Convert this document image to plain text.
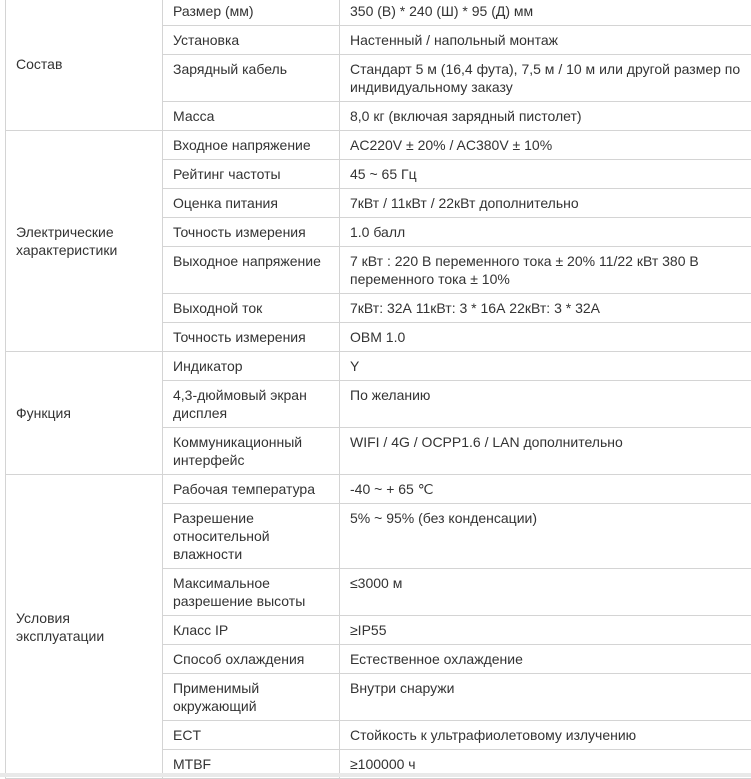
Состав	Размер (мм)	350 (В) * 240 (Ш) * 95 (Д) мм
	Установка	Настенный / напольный монтаж
	Зарядный кабель	Стандарт 5 м (16,4 фута), 7,5 м / 10 м или другой размер по индивидуальному заказу
	Масса	8,0 кг (включая зарядный пистолет)
Электрические характеристики	Входное напряжение	AC220V ± 20% / AC380V ± 10%
	Рейтинг частоты	45 ~ 65 Гц
	Оценка питания	7кВт / 11кВт / 22кВт дополнительно
	Точность измерения	1.0 балл
	Выходное напряжение	7 кВт : 220 В переменного тока ± 20% 11/22 кВт 380 В переменного тока ± 10%
	Выходной ток	7кВт: 32А 11кВт: 3 * 16А 22кВт: 3 * 32А
	Точность измерения	OBM 1.0
Функция	Индикатор	Y
	4,3-дюймовый экран дисплея	По желанию
	Коммуникационный интерфейс	WIFI / 4G / OCPP1.6 / LAN дополнительно
Условия эксплуатации	Рабочая температура	-40 ~ + 65 ℃
	Разрешение относительной влажности	5% ~ 95% (без конденсации)
	Максимальное разрешение высоты	≤3000 м
	Класс IP	≥IP55
	Способ охлаждения	Естественное охлаждение
	Применимый окружающий	Внутри снаружи
	ECT	Стойкость к ультрафиолетовому излучению
	MTBF	≥100000 ч
